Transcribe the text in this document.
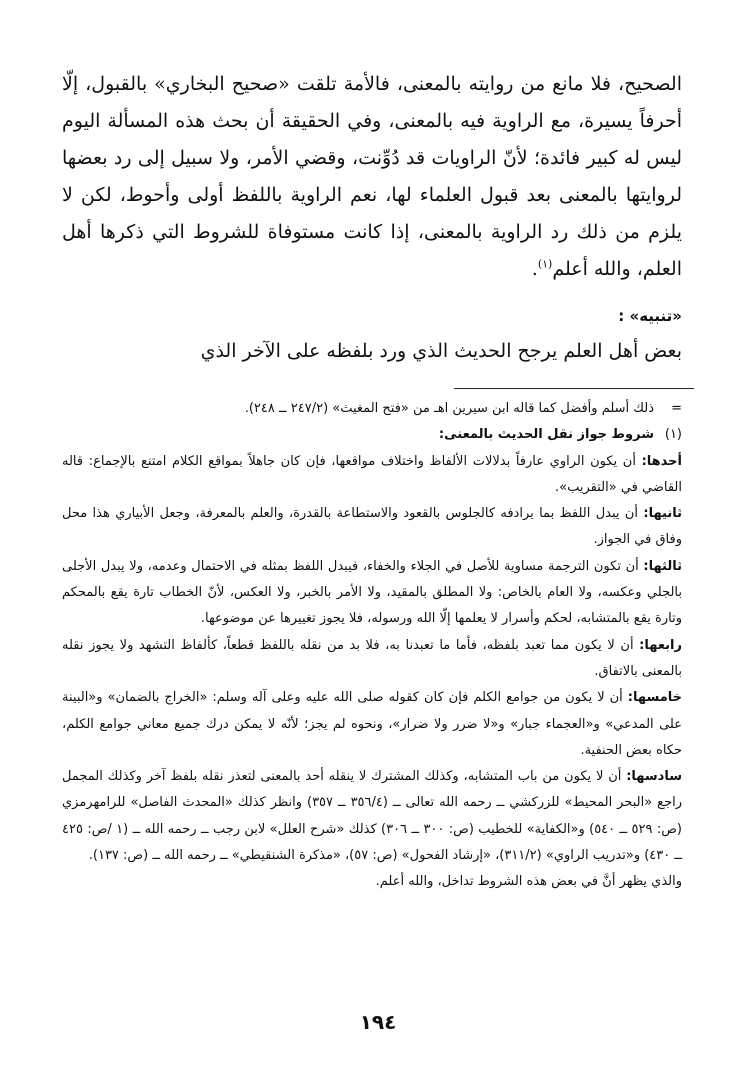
الصحيح، فلا مانع من روايته بالمعنى، فالأمة تلقت «صحيح البخاري» بالقبول، إلّا أحرفاً يسيرة، مع الراوية فيه بالمعنى، وفي الحقيقة أن بحث هذه المسألة اليوم ليس له كبير فائدة؛ لأنّ الراويات قد دُوِّنت، وقضي الأمر، ولا سبيل إلى رد بعضها لروايتها بالمعنى بعد قبول العلماء لها، نعم الراوية باللفظ أولى وأحوط، لكن لا يلزم من ذلك رد الراوية بالمعنى، إذا كانت مستوفاة للشروط التي ذكرها أهل العلم، والله أعلم$^{(١)}$.

«تنبيه» :

بعض أهل العلم يرجح الحديث الذي ورد بلفظه على الآخر الذي

=ذلك أسلم وأفضل كما قاله ابن سيرين اهـ من «فتح المغيث» (٢٤٧/٢ ــ ٢٤٨).

(١)شروط جواز نقل الحديث بالمعنى:

أحدها: أن يكون الراوي عارفاً بدلالات الألفاظ واختلاف مواقعها، فإن كان جاهلاً بمواقع الكلام امتنع بالإجماع: قاله القاضي في «التقريب».

ثانيها: أن يبدل اللفظ بما يرادفه كالجلوس بالقعود والاستطاعة بالقدرة، والعلم بالمعرفة، وجعل الأبياري هذا محل وفاق في الجواز.

ثالثها: أن تكون الترجمة مساوية للأصل في الجلاء والخفاء، فيبدل اللفظ بمثله في الاحتمال وعدمه، ولا يبدل الأجلى بالجلي وعكسه، ولا العام بالخاص: ولا المطلق بالمقيد، ولا الأمر بالخبر، ولا العكس، لأنّ الخطاب تارة يقع بالمحكم وتارة يقع بالمتشابه، لحكم وأسرار لا يعلمها إلّا الله ورسوله، فلا يجوز تغييرها عن موضوعها.

رابعها: أن لا يكون مما تعبد بلفظه، فأما ما تعبدنا به، فلا بد من نقله باللفظ قطعاً، كألفاظ التشهد ولا يجوز نقله بالمعنى بالاتفاق.

خامسها: أن لا يكون من جوامع الكلم فإن كان كقوله صلى الله عليه وعلى آله وسلم: «الخراج بالضمان» و«البينة على المدعي» و«العجماء جبار» و«لا ضرر ولا ضرار»، ونحوه لم يجز؛ لأنّه لا يمكن درك جميع معاني جوامع الكلم، حكاه بعض الحنفية.

سادسها: أن لا يكون من باب المتشابه، وكذلك المشترك لا ينقله أحد بالمعنى لتعذر نقله بلفظ آخر وكذلك المجمل راجع «البحر المحيط» للزركشي ــ رحمه الله تعالى ــ (٣٥٦/٤ ــ ٣٥٧) وانظر كذلك «المحدث الفاصل» للرامهرمزي (ص: ٥٢٩ ــ ٥٤٠) و«الكفاية» للخطيب (ص: ٣٠٠ ــ ٣٠٦) كذلك «شرح العلل» لابن رجب ــ رحمه الله ــ (١ /ص: ٤٢٥ ــ ٤٣٠) و«تدريب الراوي» (٣١١/٢)، «إرشاد الفحول» (ص: ٥٧)، «مذكرة الشنقيطي» ــ رحمه الله ــ (ص: ١٣٧).

والذي يظهر أنَّ في بعض هذه الشروط تداخل، والله أعلم.

١٩٤
